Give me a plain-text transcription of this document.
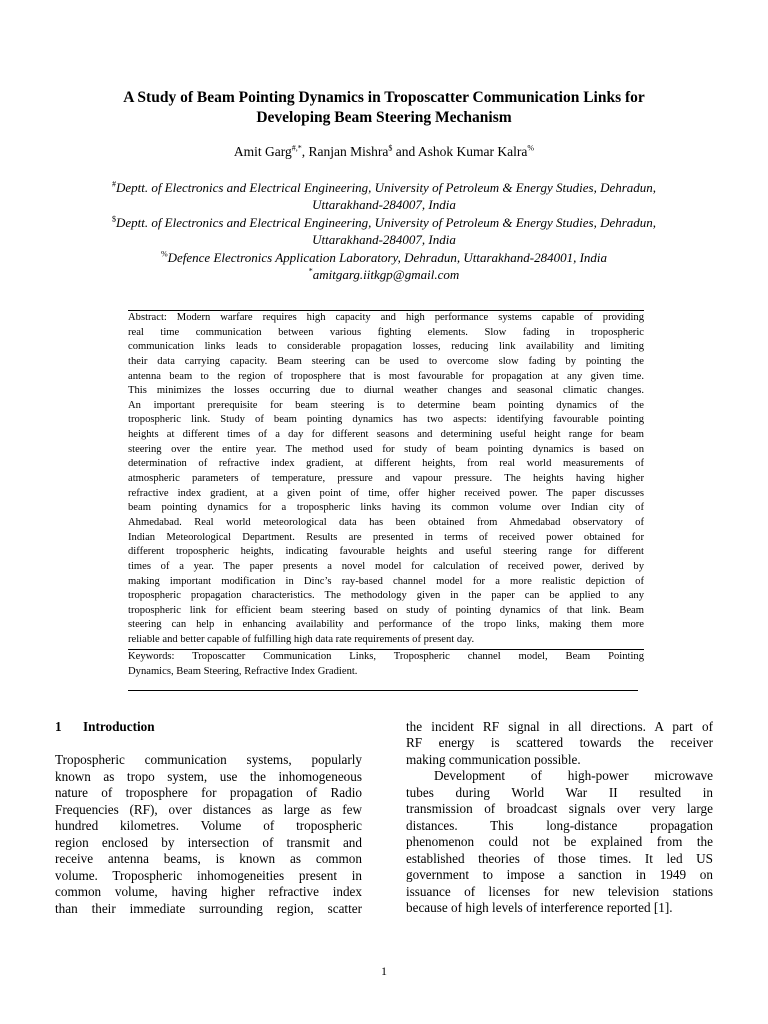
A Study of Beam Pointing Dynamics in Troposcatter Communication Links for
Developing Beam Steering Mechanism
Amit Garg#,*, Ranjan Mishra$ and Ashok Kumar Kalra%
#Deptt. of Electronics and Electrical Engineering, University of Petroleum & Energy Studies, Dehradun,
Uttarakhand-284007, India
$Deptt. of Electronics and Electrical Engineering, University of Petroleum & Energy Studies, Dehradun,
Uttarakhand-284007, India
%Defence Electronics Application Laboratory, Dehradun, Uttarakhand-284001, India
*amitgarg.iitkgp@gmail.com
Abstract: Modern warfare requires high capacity and high performance systems capable of providing
real time communication between various fighting elements. Slow fading in tropospheric
communication links leads to considerable propagation losses, reducing link availability and limiting
their data carrying capacity. Beam steering can be used to overcome slow fading by pointing the
antenna beam to the region of troposphere that is most favourable for propagation at any given time.
This minimizes the losses occurring due to diurnal weather changes and seasonal climatic changes.
An important prerequisite for beam steering is to determine beam pointing dynamics of the
tropospheric link. Study of beam pointing dynamics has two aspects: identifying favourable pointing
heights at different times of a day for different seasons and determining useful height range for beam
steering over the entire year. The method used for study of beam pointing dynamics is based on
determination of refractive index gradient, at different heights, from real world measurements of
atmospheric parameters of temperature, pressure and vapour pressure. The heights having higher
refractive index gradient, at a given point of time, offer higher received power. The paper discusses
beam pointing dynamics for a tropospheric links having its common volume over Indian city of
Ahmedabad. Real world meteorological data has been obtained from Ahmedabad observatory of
Indian Meteorological Department. Results are presented in terms of received power obtained for
different tropospheric heights, indicating favourable heights and useful steering range for different
times of a year. The paper presents a novel model for calculation of received power, derived by
making important modification in Dinc’s ray-based channel model for a more realistic depiction of
tropospheric propagation characteristics. The methodology given in the paper can be applied to any
tropospheric link for efficient beam steering based on study of pointing dynamics of that link. Beam
steering can help in enhancing availability and performance of the tropo links, making them more
reliable and better capable of fulfilling high data rate requirements of present day.
Keywords: Troposcatter Communication Links, Tropospheric channel model, Beam Pointing
Dynamics, Beam Steering, Refractive Index Gradient.
1 Introduction
Tropospheric communication systems, popularly
known as tropo system, use the inhomogeneous
nature of troposphere for propagation of Radio
Frequencies (RF), over distances as large as few
hundred kilometres. Volume of tropospheric
region enclosed by intersection of transmit and
receive antenna beams, is known as common
volume. Tropospheric inhomogeneities present in
common volume, having higher refractive index
than their immediate surrounding region, scatter
the incident RF signal in all directions. A part of
RF energy is scattered towards the receiver
making communication possible.
Development of high-power microwave
tubes during World War II resulted in
transmission of broadcast signals over very large
distances. This long-distance propagation
phenomenon could not be explained from the
established theories of those times. It led US
government to impose a sanction in 1949 on
issuance of licenses for new television stations
because of high levels of interference reported [1].
1
